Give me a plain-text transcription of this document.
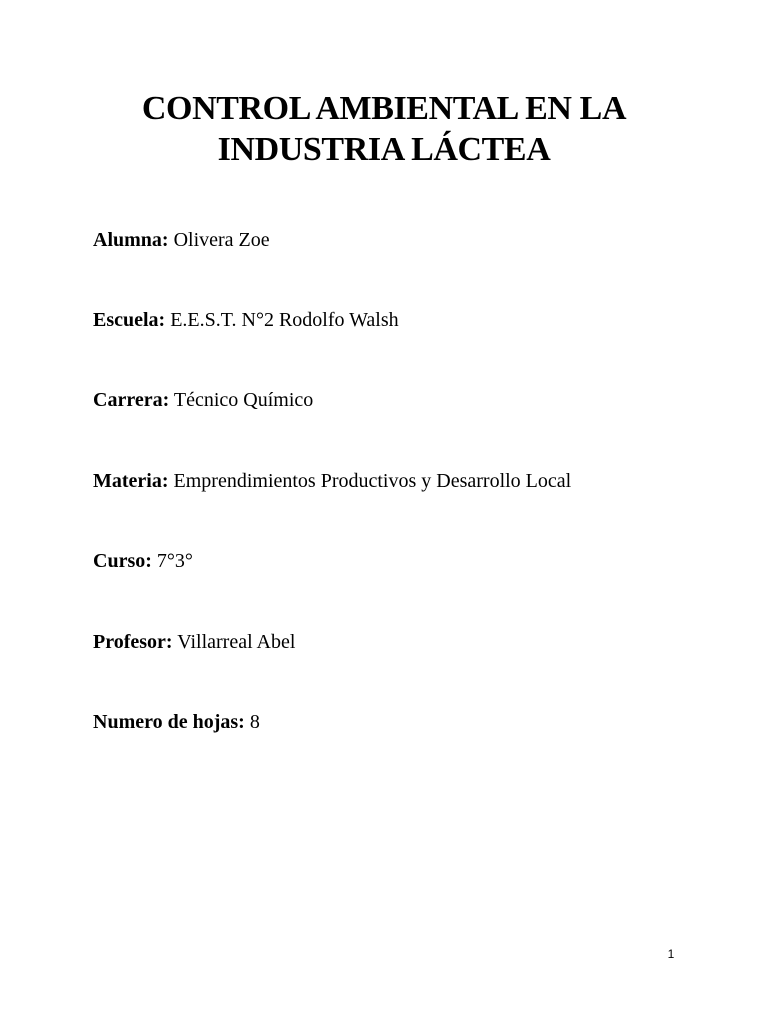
CONTROL AMBIENTAL EN LA
INDUSTRIA LÁCTEA
Alumna: Olivera Zoe
Escuela: E.E.S.T. N°2 Rodolfo Walsh
Carrera: Técnico Químico
Materia: Emprendimientos Productivos y Desarrollo Local
Curso: 7°3°
Profesor: Villarreal Abel
Numero de hojas: 8
1
